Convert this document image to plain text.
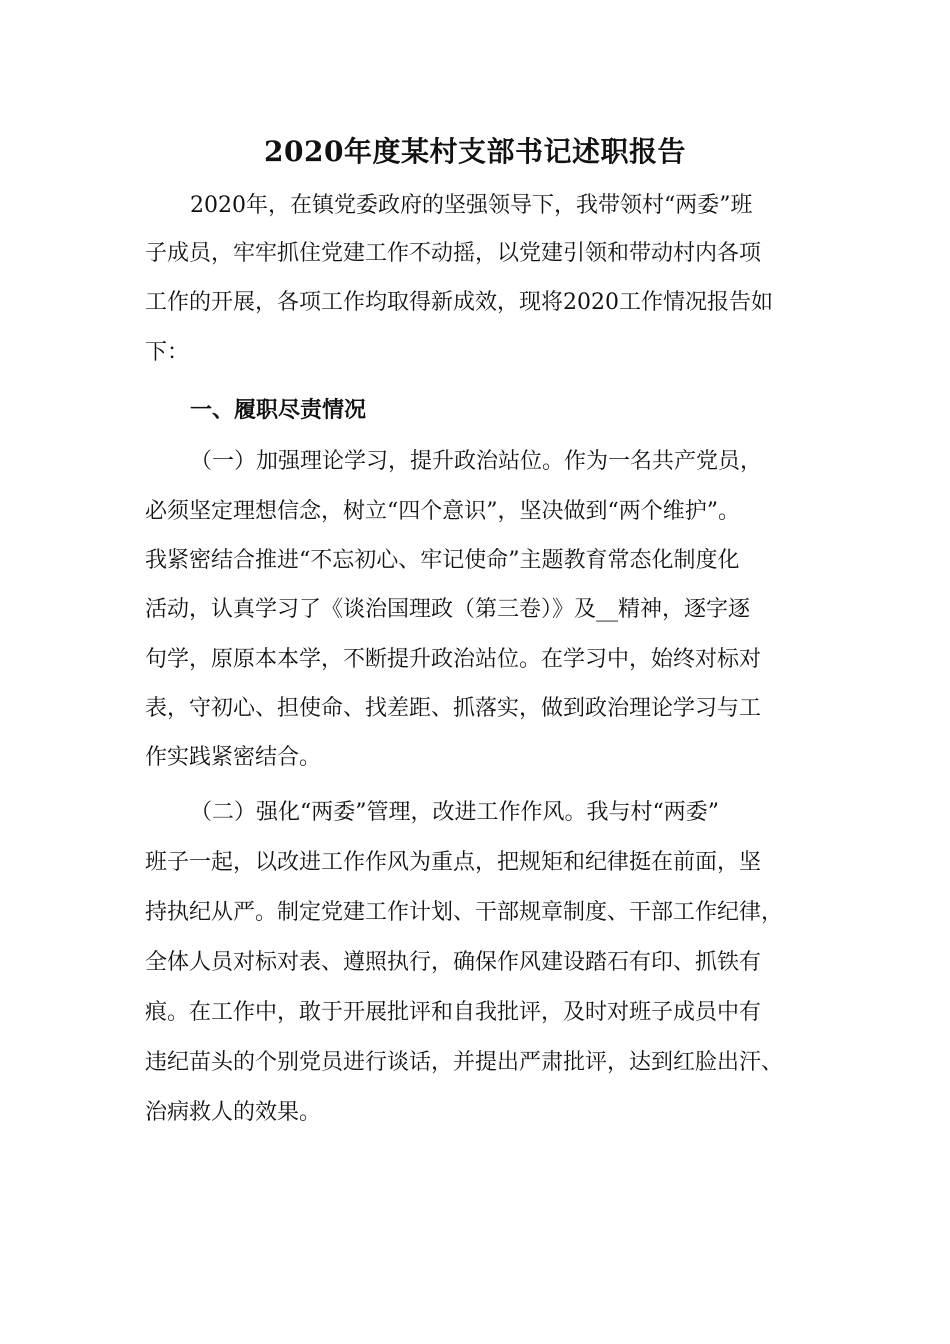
2020年度某村支部书记述职报告
2020年，在镇党委政府的坚强领导下，我带领村“两委”班
子成员，牢牢抓住党建工作不动摇，以党建引领和带动村内各项
工作的开展，各项工作均取得新成效，现将2020工作情况报告如
下：
一、履职尽责情况
（一）加强理论学习，提升政治站位。作为一名共产党员，
必须坚定理想信念，树立“四个意识”，坚决做到“两个维护”。
我紧密结合推进“不忘初心、牢记使命”主题教育常态化制度化
活动，认真学习了《谈治国理政（第三卷）》及__精神，逐字逐
句学，原原本本学，不断提升政治站位。在学习中，始终对标对
表，守初心、担使命、找差距、抓落实，做到政治理论学习与工
作实践紧密结合。
（二）强化“两委”管理，改进工作作风。我与村“两委”
班子一起，以改进工作作风为重点，把规矩和纪律挺在前面，坚
持执纪从严。制定党建工作计划、干部规章制度、干部工作纪律，
全体人员对标对表、遵照执行，确保作风建设踏石有印、抓铁有
痕。在工作中，敢于开展批评和自我批评，及时对班子成员中有
违纪苗头的个别党员进行谈话，并提出严肃批评，达到红脸出汗、
治病救人的效果。
